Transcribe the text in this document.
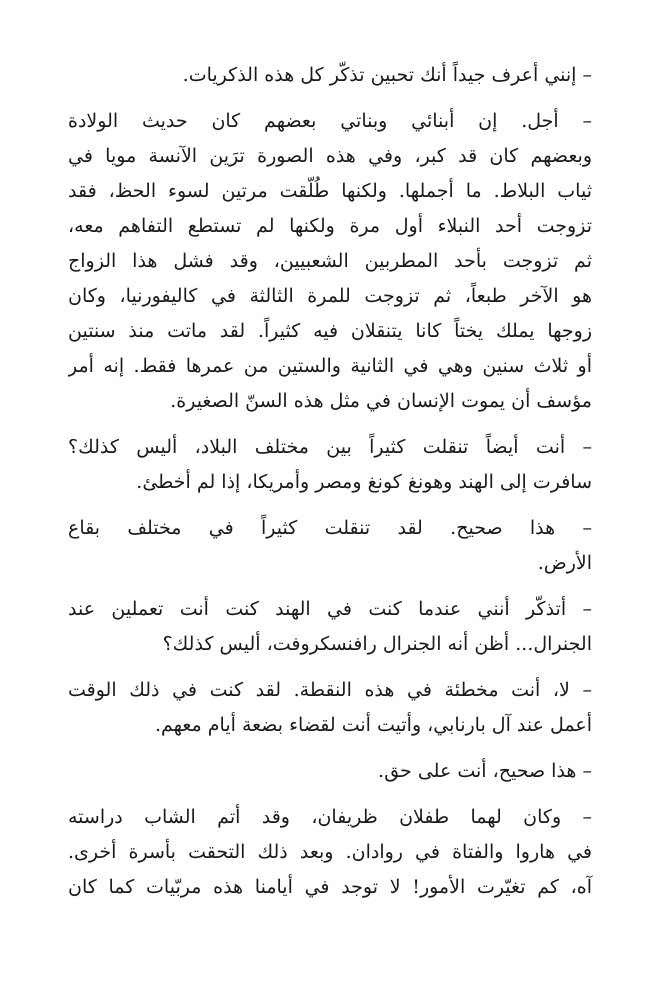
– إنني أعرف جيداً أنك تحبين تذكّر كل هذه الذكريات.

– أجل. إن أبنائي وبناتي بعضهم كان حديث الولادة
وبعضهم كان قد كبر، وفي هذه الصورة ترَين الآنسة مويا في
ثياب البلاط. ما أجملها. ولكنها طُلّقت مرتين لسوء الحظ، فقد
تزوجت أحد النبلاء أول مرة ولكنها لم تستطع التفاهم معه،
ثم تزوجت بأحد المطربين الشعبيين، وقد فشل هذا الزواج
هو الآخر طبعاً، ثم تزوجت للمرة الثالثة في كاليفورنيا، وكان
زوجها يملك يختاً كانا يتنقلان فيه كثيراً. لقد ماتت منذ سنتين
أو ثلاث سنين وهي في الثانية والستين من عمرها فقط. إنه أمر
مؤسف أن يموت الإنسان في مثل هذه السنّ الصغيرة.

– أنت أيضاً تنقلت كثيراً بين مختلف البلاد، أليس كذلك؟
سافرت إلى الهند وهونغ كونغ ومصر وأمريكا، إذا لم أخطئ.

– هذا صحيح. لقد تنقلت كثيراً في مختلف بقاع
الأرض.

– أتذكّر أنني عندما كنت في الهند كنت أنت تعملين عند
الجنرال... أظن أنه الجنرال رافنسكروفت، أليس كذلك؟

– لا، أنت مخطئة في هذه النقطة. لقد كنت في ذلك الوقت
أعمل عند آل بارنابي، وأتيت أنت لقضاء بضعة أيام معهم.

– هذا صحيح، أنت على حق.

– وكان لهما طفلان ظريفان، وقد أتم الشاب دراسته
في هاروا والفتاة في روادان. وبعد ذلك التحقت بأسرة أخرى.
آه، كم تغيّرت الأمور! لا توجد في أيامنا هذه مربّيات كما كان
